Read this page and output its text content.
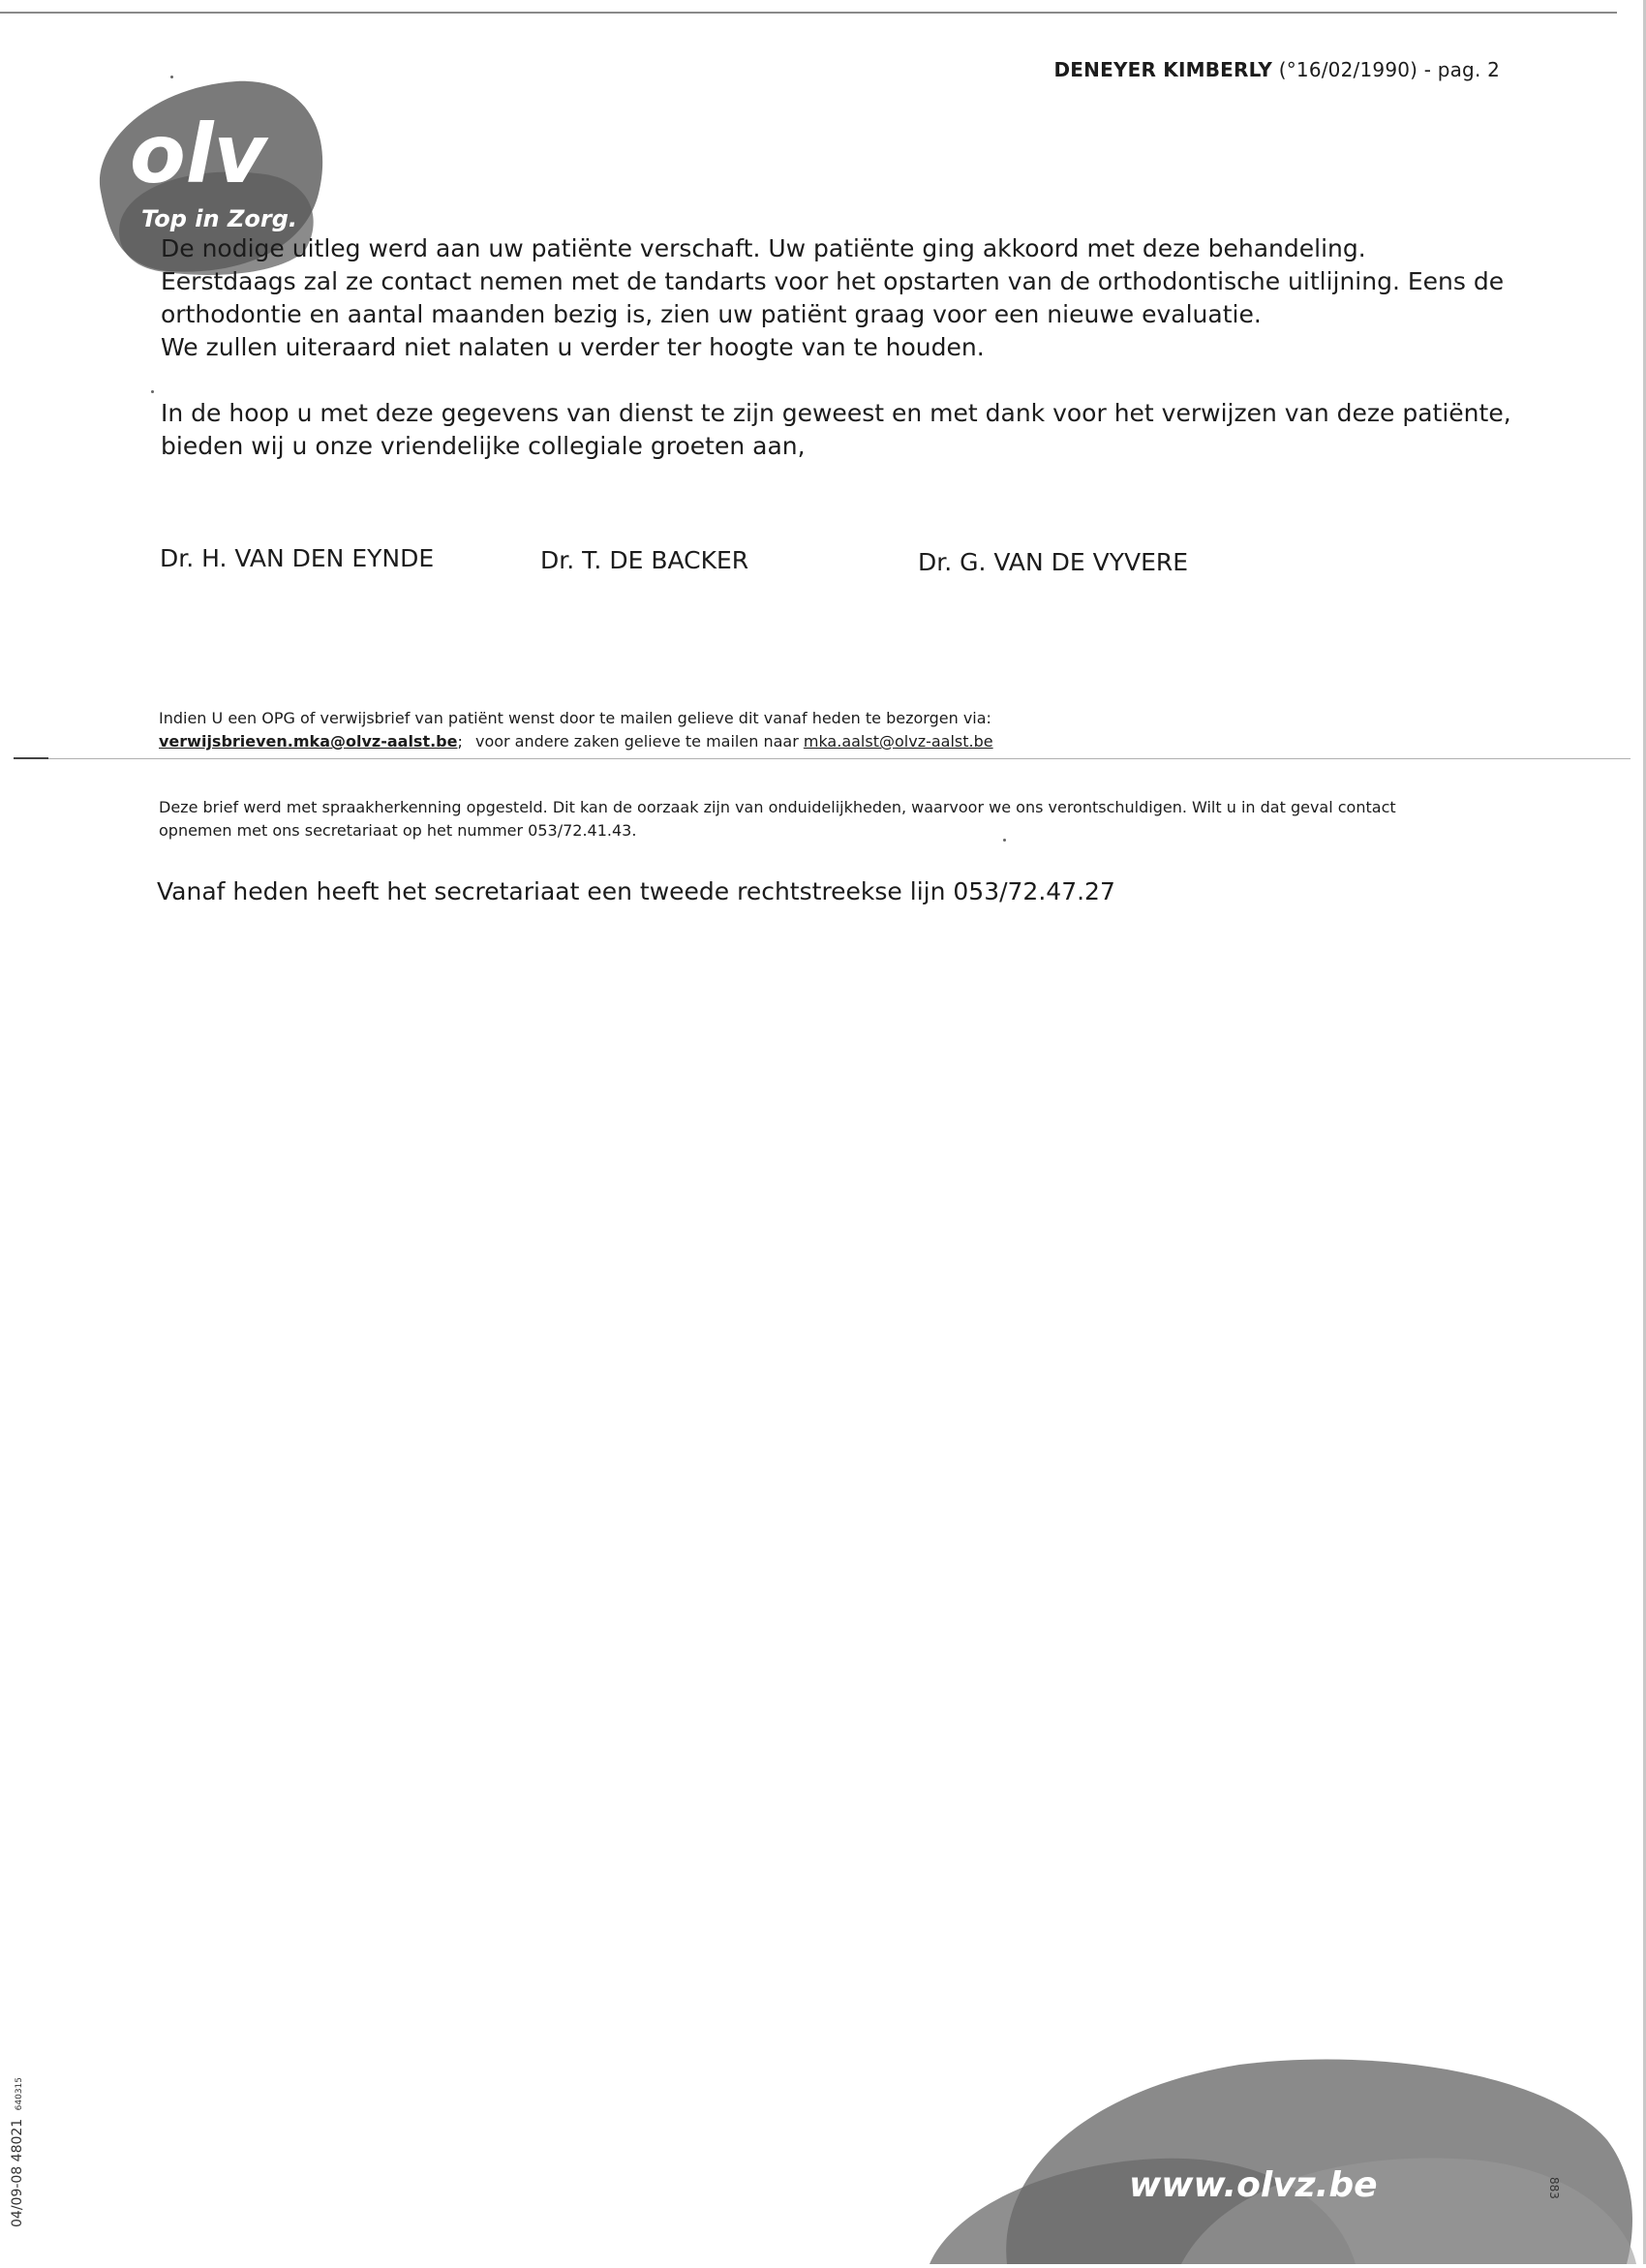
olv
Top in Zorg.
DENEYER KIMBERLY (°16/02/1990) - pag. 2

De nodige uitleg werd aan uw patiënte verschaft. Uw patiënte ging akkoord met deze behandeling.

Eerstdaags zal ze contact nemen met de tandarts voor het opstarten van de orthodontische uitlijning. Eens de

orthodontie en aantal maanden bezig is, zien uw patiënt graag voor een nieuwe evaluatie.

We zullen uiteraard niet nalaten u verder ter hoogte van te houden.

In de hoop u met deze gegevens van dienst te zijn geweest en met dank voor het verwijzen van deze patiënte,

bieden wij u onze vriendelijke collegiale groeten aan,

Dr. H. VAN DEN EYNDE	Dr. T. DE BACKER	Dr. G. VAN DE VYVERE
Indien U een OPG of verwijsbrief van patiënt wenst door te mailen gelieve dit vanaf heden te bezorgen via:
verwijsbrieven.mka@olvz-aalst.be; voor andere zaken gelieve te mailen naar mka.aalst@olvz-aalst.be
Deze brief werd met spraakherkenning opgesteld. Dit kan de oorzaak zijn van onduidelijkheden, waarvoor we ons verontschuldigen. Wilt u in dat geval contact
opnemen met ons secretariaat op het nummer 053/72.41.43.
Vanaf heden heeft het secretariaat een tweede rechtstreekse lijn 053/72.47.27
www.olvz.be
04/09-08 48021 640315
883
